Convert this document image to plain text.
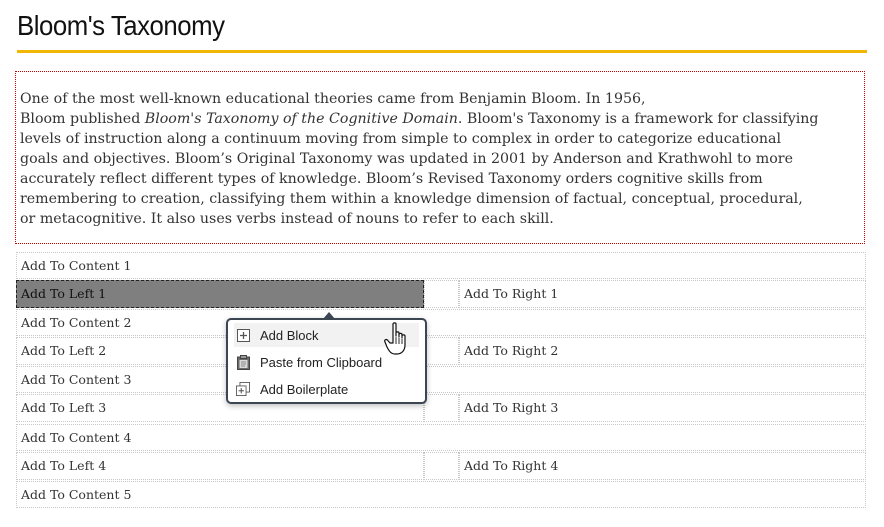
Bloom's Taxonomy

One of the most well-known educational theories came from Benjamin Bloom. In 1956,
Bloom published Bloom's Taxonomy of the Cognitive Domain. Bloom's Taxonomy is a framework for classifying
levels of instruction along a continuum moving from simple to complex in order to categorize educational
goals and objectives. Bloom’s Original Taxonomy was updated in 2001 by Anderson and Krathwohl to more
accurately reflect different types of knowledge. Bloom’s Revised Taxonomy orders cognitive skills from
remembering to creation, classifying them within a knowledge dimension of factual, conceptual, procedural,
or metacognitive. It also uses verbs instead of nouns to refer to each skill.

Add To Content 1
Add To Left 1	Add To Right 1
Add To Content 2
Add To Left 2	Add To Right 2
Add To Content 3
Add To Left 3	Add To Right 3
Add To Content 4
Add To Left 4	Add To Right 4
Add To Content 5
Add Block
Paste from Clipboard
Add Boilerplate
